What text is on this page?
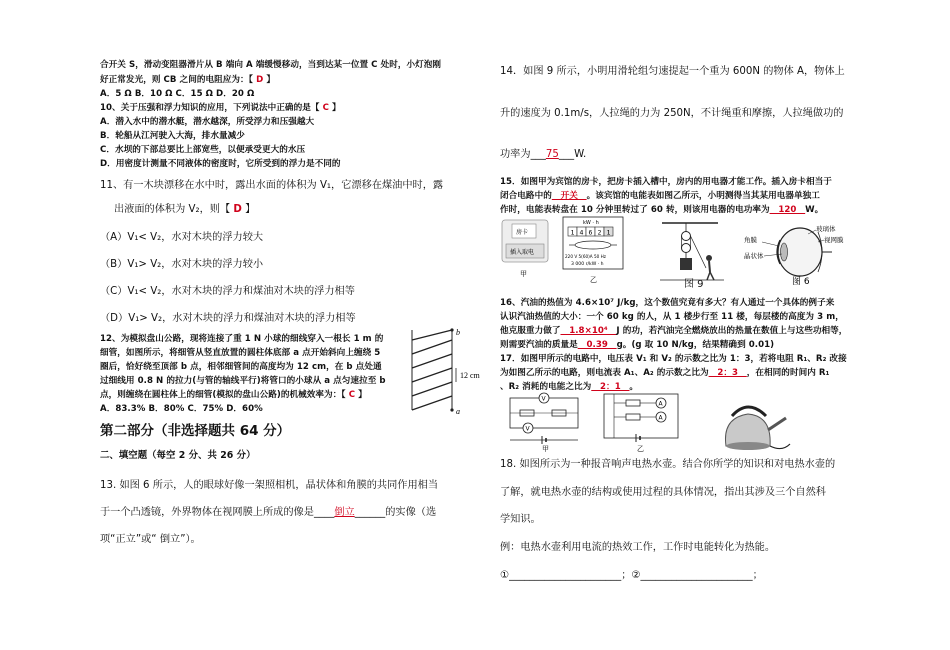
合开关 S，滑动变阻器滑片从 B 端向 A 端缓慢移动，当到达某一位置 C 处时，小灯泡刚
好正常发光，则 CB 之间的电阻应为：【 D 】
A．5 Ω B．10 Ω C．15 Ω D．20 Ω
10、关于压强和浮力知识的应用，下列说法中正确的是【 C 】
A．潜入水中的潜水艇，潜水越深，所受浮力和压强越大
B．轮船从江河驶入大海，排水量减少
C．水坝的下部总要比上部宽些，以便承受更大的水压
D．用密度计测量不同液体的密度时，它所受到的浮力是不同的
11、有一木块漂移在水中时，露出水面的体积为 V₁，它漂移在煤油中时，露
出液面的体积为 V₂，则【 D 】
（A）V₁< V₂，水对木块的浮力较大
（B）V₁> V₂，水对木块的浮力较小
（C）V₁< V₂，水对木块的浮力和煤油对木块的浮力相等
（D）V₁> V₂，水对木块的浮力和煤油对木块的浮力相等
12、为模拟盘山公路，现将连接了重 1 N 小球的细线穿入一根长 1 m 的
细管，如图所示，将细管从竖直放置的圆柱体底部 a 点开始斜向上缠绕 5
圈后，恰好绕至顶部 b 点，相邻细管间的高度均为 12 cm，在 b 点处通
过细线用 0.8 N 的拉力(与管的轴线平行)将管口的小球从 a 点匀速拉至 b
点，则缠绕在圆柱体上的细管(模拟的盘山公路)的机械效率为：【 C 】
A．83.3% B．80% C．75% D．60%
第二部分（非选择题共 64 分）
二、填空题（每空 2 分、共 26 分）
13. 如图 6 所示，人的眼球好像一架照相机，晶状体和角膜的共同作用相当
于一个凸透镜，外界物体在视网膜上所成的像是____倒立______的实像（选
项“正立”或“ 倒立”）。
b
a
12 cm
14．如图 9 所示，小明用滑轮组匀速提起一个重为 600N 的物体 A，物体上
升的速度为 0.1m/s，人拉绳的力为 250N，不计绳重和摩擦，人拉绳做功的
功率为___75___W.
15．如图甲为宾馆的房卡，把房卡插入槽中，房内的用电器才能工作。插入房卡相当于
闭合电路中的__开关__。该宾馆的电能表如图乙所示，小明测得当其某用电器单独工
作时，电能表转盘在 10 分钟里转过了 60 转，则该用电器的电功率为__120__W。
16、汽油的热值为 4.6×10⁷ J/kg，这个数值究竟有多大？有人通过一个具体的例子来
认识汽油热值的大小：一个 60 kg 的人，从 1 楼步行至 11 楼，每层楼的高度为 3 m，
他克服重力做了__1.8×10⁴__J 的功，若汽油完全燃烧放出的热量在数值上与这些功相等，
则需要汽油的质量是__0.39__g。(g 取 10 N/kg，结果精确到 0.01)
17．如图甲所示的电路中，电压表 V₁ 和 V₂ 的示数之比为 1：3，若将电阻 R₁、R₂ 改接
为如图乙所示的电路，则电流表 A₁、A₂ 的示数之比为__2：3__，在相同的时间内 R₁
、R₂ 消耗的电能之比为__2：1__。
18. 如图所示为一种报音响声电热水壶。结合你所学的知识和对电热水壶的
了解，就电热水壶的结构或使用过程的具体情况，指出其涉及三个自然科
学知识。
例：电热水壶利用电流的热效工作，工作时电能转化为热能。
①______________________；②______________________；
房卡
插入取电
甲
kW · h
1 4 6 2 1
220 V 5(60)A 50 Hz
3 000 r/kW · h
乙	图 9
角膜
晶状体
玻璃体
视网膜
图 6
V
V
甲
A
A
乙
